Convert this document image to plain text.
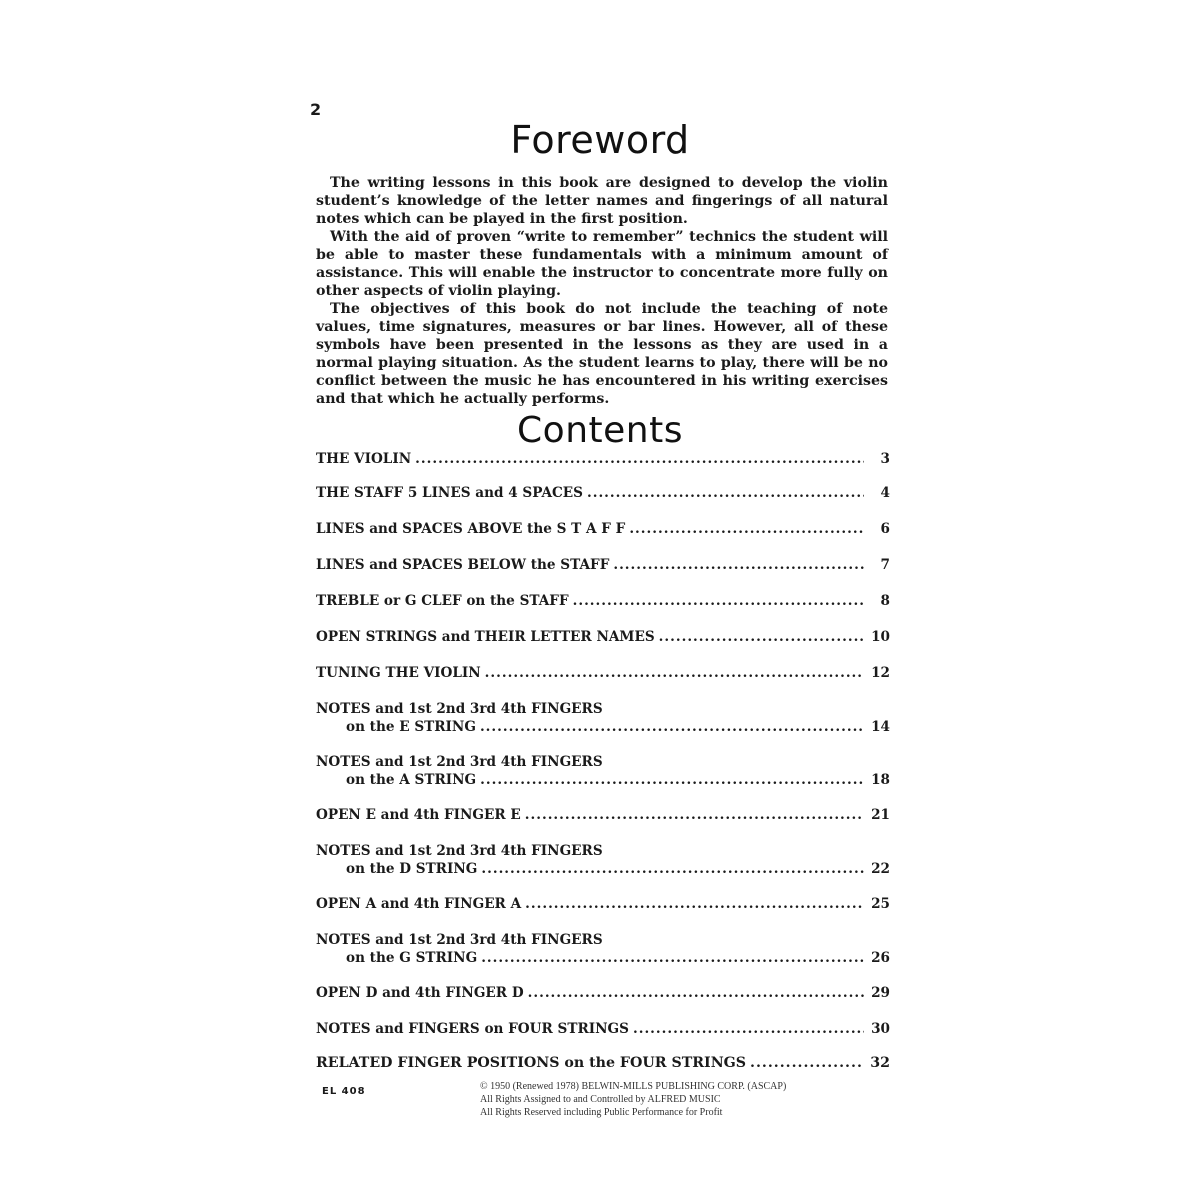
2
Foreword

The writing lessons in this book are designed to develop the violin student’s knowledge of the letter names and fingerings of all natural notes which can be played in the first position.

With the aid of proven “write to remember” technics the student will be able to master these fundamentals with a minimum amount of assistance. This will enable the instructor to concentrate more fully on other aspects of violin playing.

The objectives of this book do not include the teaching of note values, time signatures, measures or bar lines. However, all of these symbols have been presented in the lessons as they are used in a normal playing situation. As the student learns to play, there will be no conflict between the music he has encountered in his writing exercises and that which he actually performs.

Contents
THE VIOLIN .....	3
THE STAFF 5 LINES and 4 SPACES .....	4
LINES and SPACES ABOVE the S T A F F .....	6
LINES and SPACES BELOW the STAFF .....	7
TREBLE or G CLEF on the STAFF .....	8
OPEN STRINGS and THEIR LETTER NAMES .....	10
TUNING THE VIOLIN .....	12
NOTES and 1st 2nd 3rd 4th FINGERS
on the E STRING .....	14
NOTES and 1st 2nd 3rd 4th FINGERS
on the A STRING .....	18
OPEN E and 4th FINGER E .....	21
NOTES and 1st 2nd 3rd 4th FINGERS
on the D STRING .....	22
OPEN A and 4th FINGER A .....	25
NOTES and 1st 2nd 3rd 4th FINGERS
on the G STRING .....	26
OPEN D and 4th FINGER D .....	29
NOTES and FINGERS on FOUR STRINGS .....	30
RELATED FINGER POSITIONS on the FOUR STRINGS .....	32
EL 408	© 1950 (Renewed 1978) BELWIN-MILLS PUBLISHING CORP. (ASCAP)
All Rights Assigned to and Controlled by ALFRED MUSIC
All Rights Reserved including Public Performance for Profit
